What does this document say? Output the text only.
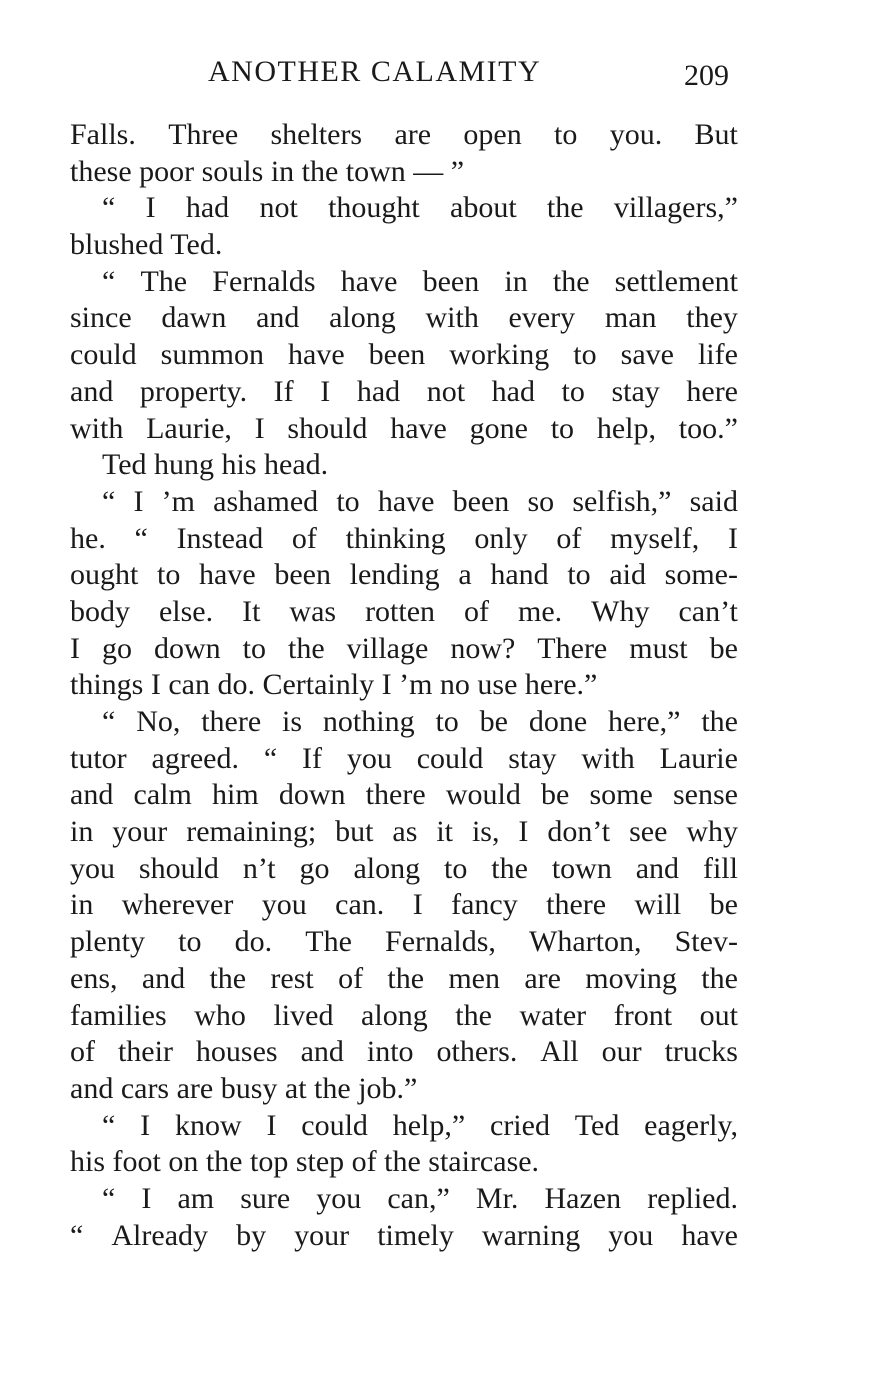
ANOTHER CALAMITY	209
Falls. Three shelters are open to you. But
these poor souls in the town — ”
“ I had not thought about the villagers,”
blushed Ted.
“ The Fernalds have been in the settlement
since dawn and along with every man they
could summon have been working to save life
and property. If I had not had to stay here
with Laurie, I should have gone to help, too.”
Ted hung his head.
“ I ’m ashamed to have been so selfish,” said
he. “ Instead of thinking only of myself, I
ought to have been lending a hand to aid some-
body else. It was rotten of me. Why can’t
I go down to the village now? There must be
things I can do. Certainly I ’m no use here.”
“ No, there is nothing to be done here,” the
tutor agreed. “ If you could stay with Laurie
and calm him down there would be some sense
in your remaining; but as it is, I don’t see why
you should n’t go along to the town and fill
in wherever you can. I fancy there will be
plenty to do. The Fernalds, Wharton, Stev-
ens, and the rest of the men are moving the
families who lived along the water front out
of their houses and into others. All our trucks
and cars are busy at the job.”
“ I know I could help,” cried Ted eagerly,
his foot on the top step of the staircase.
“ I am sure you can,” Mr. Hazen replied.
“ Already by your timely warning you have
